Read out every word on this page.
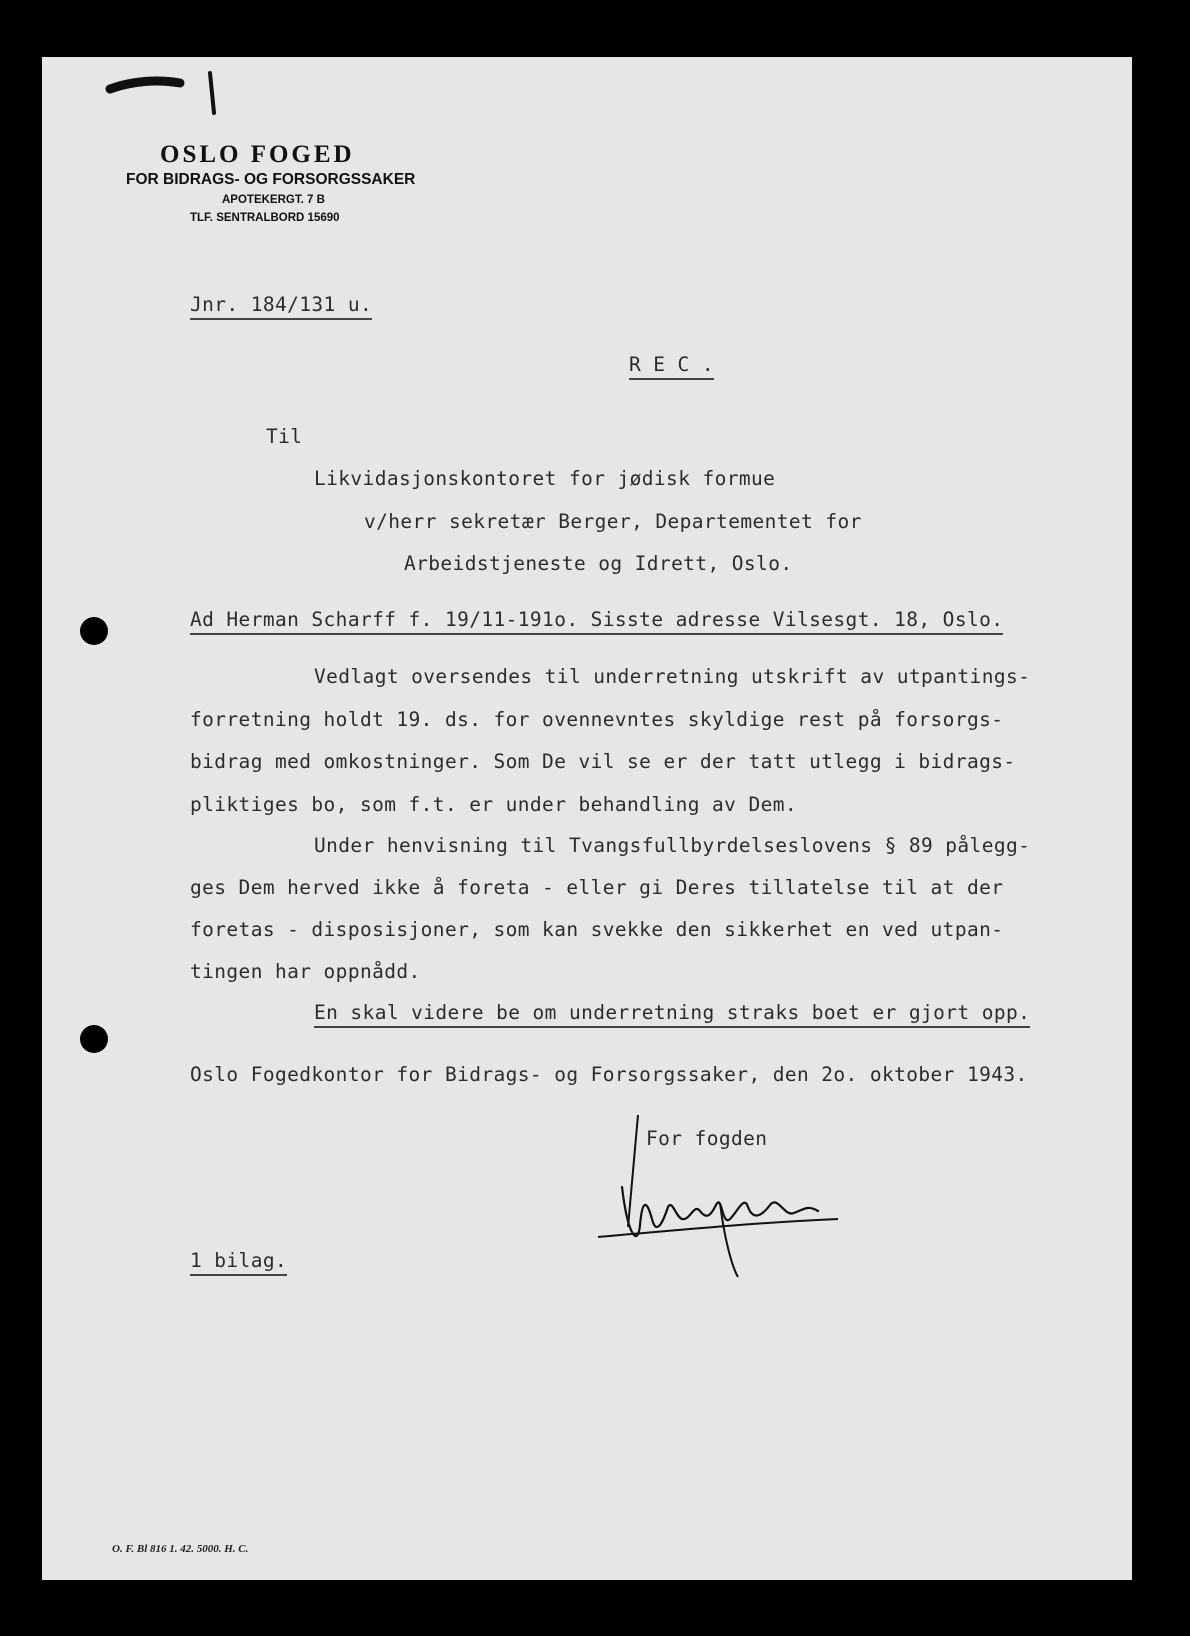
OSLO FOGED
FOR BIDRAGS- OG FORSORGSSAKER
APOTEKERGT. 7 B
TLF. SENTRALBORD 15690
Jnr. 184/131 u.
R E C .
Til
Likvidasjonskontoret for jødisk formue
v/herr sekretær Berger, Departementet for
Arbeidstjeneste og Idrett, Oslo.
Ad Herman Scharff f. 19/11-191o. Sisste adresse Vilsesgt. 18, Oslo.
Vedlagt oversendes til underretning utskrift av utpantings-
forretning holdt 19. ds. for ovennevntes skyldige rest på forsorgs-
bidrag med omkostninger. Som De vil se er der tatt utlegg i bidrags-
pliktiges bo, som f.t. er under behandling av Dem.
Under henvisning til Tvangsfullbyrdelseslovens § 89 pålegg-
ges Dem herved ikke å foreta - eller gi Deres tillatelse til at der
foretas - disposisjoner, som kan svekke den sikkerhet en ved utpan-
tingen har oppnådd.
En skal videre be om underretning straks boet er gjort opp.
Oslo Fogedkontor for Bidrags- og Forsorgssaker, den 2o. oktober 1943.
For fogden
1 bilag.
O. F. Bl 816 1. 42. 5000. H. C.
